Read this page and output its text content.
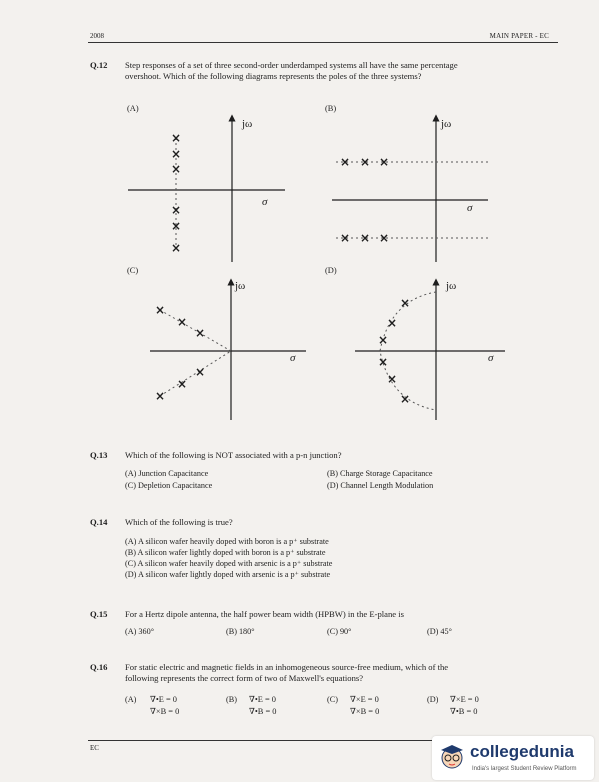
2008	MAIN PAPER - EC
EC
Q.12 Step responses of a set of three second-order underdamped systems all have the same percentage
overshoot. Which of the following diagrams represents the poles of the three systems?
(A)	(B)
(C)	(D)
jω
σ
jω
σ
jω
σ
jω
σ
×
×
×
×
×
×
× × ×
× × ×
×
×
×
×
×
×
×
×
×
×
×
×
Q.13 Which of the following is NOT associated with a p-n junction?
(A) Junction Capacitance	(B) Charge Storage Capacitance
(C) Depletion Capacitance	(D) Channel Length Modulation
Q.14 Which of the following is true?
(A) A silicon wafer heavily doped with boron is a p⁺ substrate
(B) A silicon wafer lightly doped with boron is a p⁺ substrate
(C) A silicon wafer heavily doped with arsenic is a p⁺ substrate
(D) A silicon wafer lightly doped with arsenic is a p⁺ substrate
Q.15 For a Hertz dipole antenna, the half power beam width (HPBW) in the E-plane is
(A) 360°	(B) 180°	(C) 90°	(D) 45°
Q.16 For static electric and magnetic fields in an inhomogeneous source-free medium, which of the
following represents the correct form of two of Maxwell's equations?
(A) ∇•E = 0
∇×B = 0
(B) ∇•E = 0
∇•B = 0
(C) ∇×E = 0
∇×B = 0
(D) ∇×E = 0
∇•B = 0
collegedunia
India's largest Student Review Platform
